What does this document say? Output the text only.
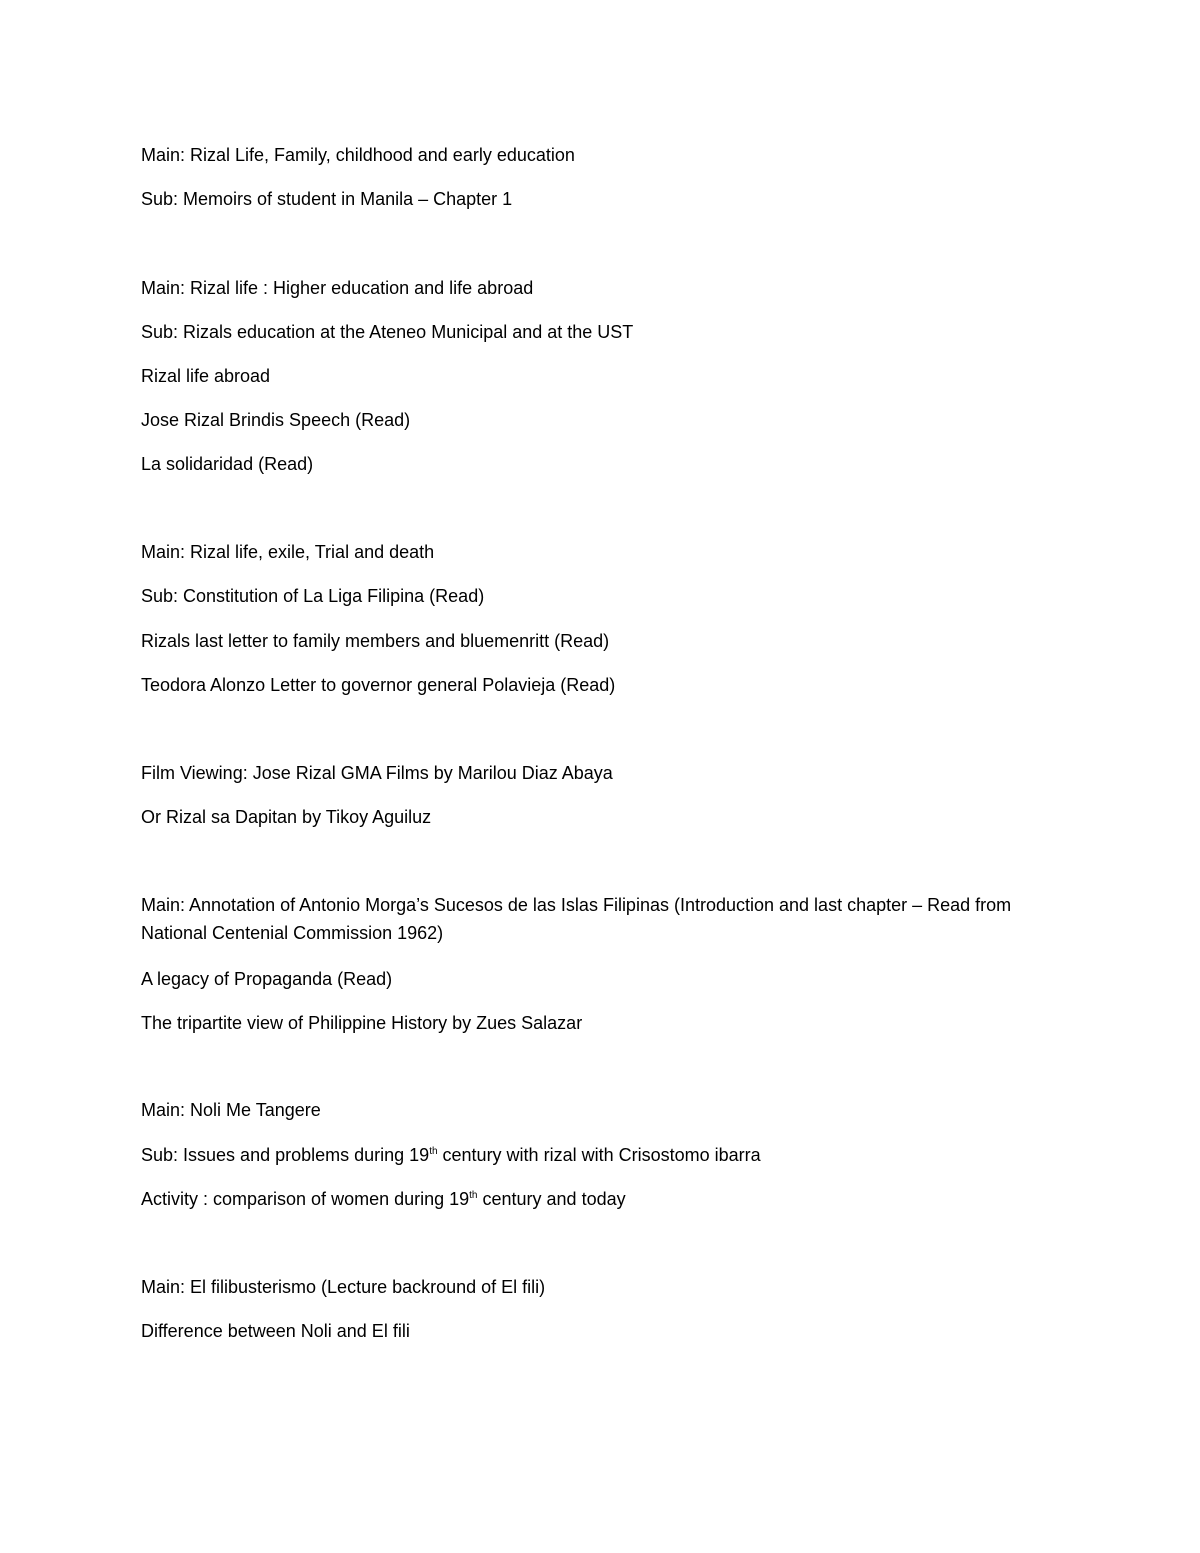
Main: Rizal Life, Family, childhood and early education
Sub: Memoirs of student in Manila – Chapter 1
Main: Rizal life : Higher education and life abroad
Sub: Rizals education at the Ateneo Municipal and at the UST
Rizal life abroad
Jose Rizal Brindis Speech (Read)
La solidaridad (Read)
Main: Rizal life, exile, Trial and death
Sub: Constitution of La Liga Filipina (Read)
Rizals last letter to family members and bluemenritt (Read)
Teodora Alonzo Letter to governor general Polavieja (Read)
Film Viewing: Jose Rizal GMA Films by Marilou Diaz Abaya
Or Rizal sa Dapitan by Tikoy Aguiluz
Main: Annotation of Antonio Morga’s Sucesos de las Islas Filipinas (Introduction and last chapter – Read from National Centenial Commission 1962)
A legacy of Propaganda (Read)
The tripartite view of Philippine History by Zues Salazar
Main: Noli Me Tangere
Sub: Issues and problems during 19th century with rizal with Crisostomo ibarra
Activity : comparison of women during 19th century and today
Main: El filibusterismo (Lecture backround of El fili)
Difference between Noli and El fili
